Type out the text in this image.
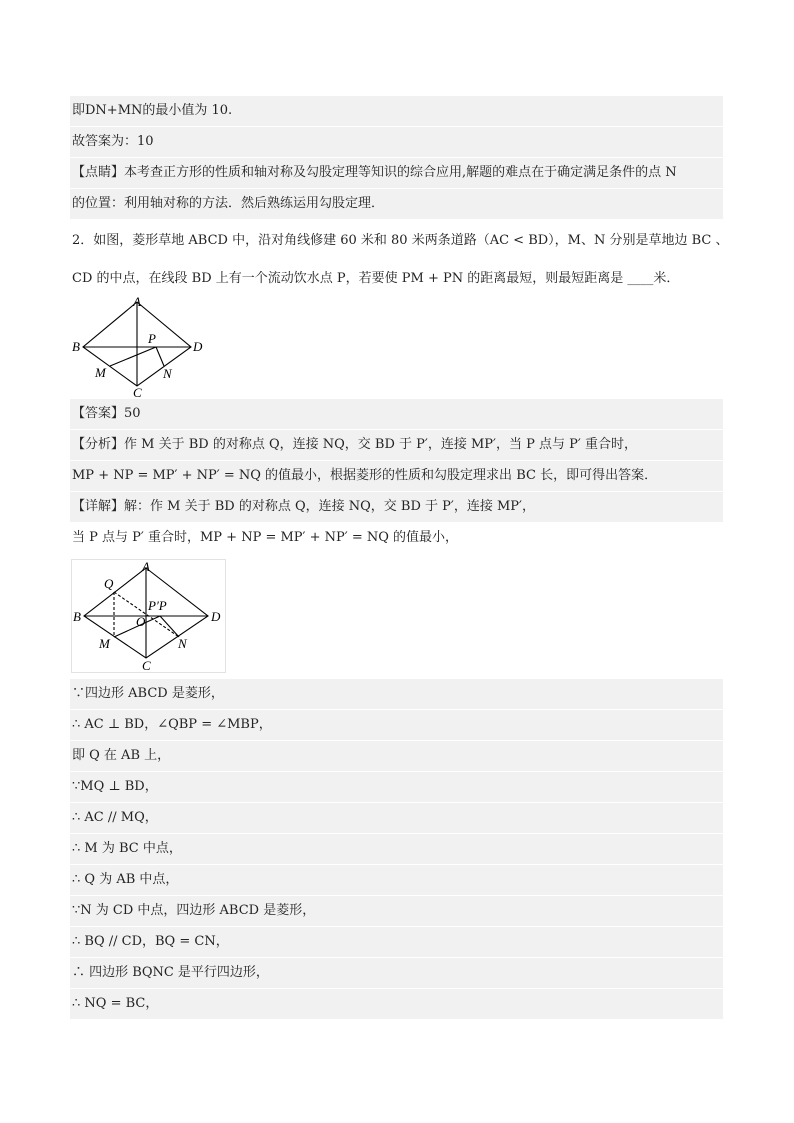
即DN+MN的最小值为 10.
故答案为：10
【点睛】本考查正方形的性质和轴对称及勾股定理等知识的综合应用,解题的难点在于确定满足条件的点 N
的位置：利用轴对称的方法．然后熟练运用勾股定理．
2．如图，菱形草地 ABCD 中，沿对角线修建 60 米和 80 米两条道路（AC < BD），M、N 分别是草地边 BC 、
CD 的中点，在线段 BD 上有一个流动饮水点 P，若要使 PM + PN 的距离最短，则最短距离是 ____米．
A
B
C
D
P
M	N
【答案】50
【分析】作 M 关于 BD 的对称点 Q，连接 NQ，交 BD 于 P′，连接 MP′，当 P 点与 P′ 重合时，
MP + NP = MP′ + NP′ = NQ 的值最小，根据菱形的性质和勾股定理求出 BC 长，即可得出答案．
【详解】解：作 M 关于 BD 的对称点 Q，连接 NQ，交 BD 于 P′，连接 MP′，
当 P 点与 P′ 重合时，MP + NP = MP′ + NP′ = NQ 的值最小，
A
B
C
D
Q
P′P
O
M	N
∵四边形 ABCD 是菱形，
∴ AC ⊥ BD，∠QBP = ∠MBP，
即 Q 在 AB 上，
∵MQ ⊥ BD，
∴ AC // MQ，
∴ M 为 BC 中点，
∴ Q 为 AB 中点，
∵N 为 CD 中点，四边形 ABCD 是菱形，
∴ BQ // CD，BQ = CN，
∴ 四边形 BQNC 是平行四边形，
∴ NQ = BC，
